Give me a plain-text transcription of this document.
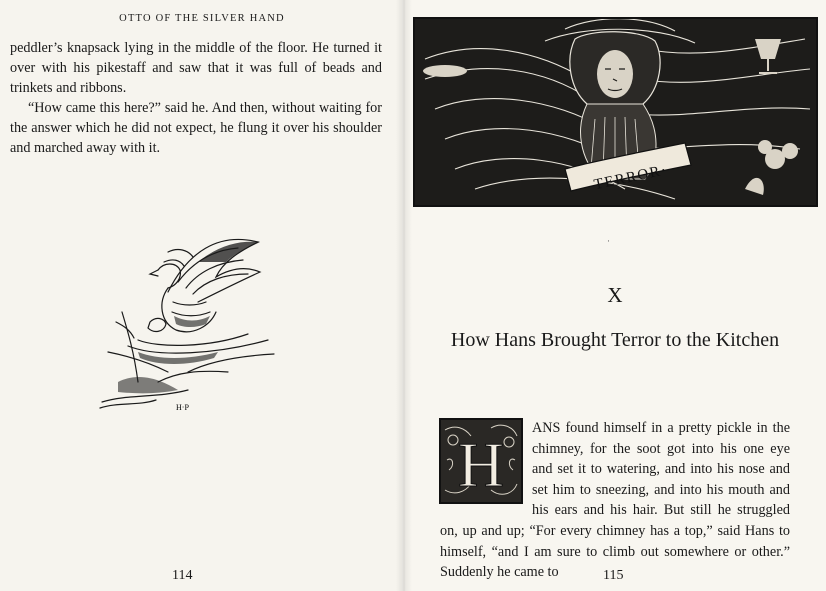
OTTO OF THE SILVER HAND

peddler’s knapsack lying in the middle of the floor. He turned it over with his pikestaff and saw that it was full of beads and trinkets and ribbons.

“How came this here?” said he. And then, without waiting for the answer which he did not expect, he flung it over his shoulder and marched away with it.

H·P
114
TERROR·
·
X
How Hans Brought Terror to the Kitchen
H

ANS found himself in a pretty pickle in the chimney, for the soot got into his one eye and set it to watering, and into his nose and set him to sneezing, and into his mouth and his ears and his hair. But still he struggled on, up and up; “For every chimney has a top,” said Hans to himself, “and I am sure to climb out somewhere or other.” Suddenly he came to	115
